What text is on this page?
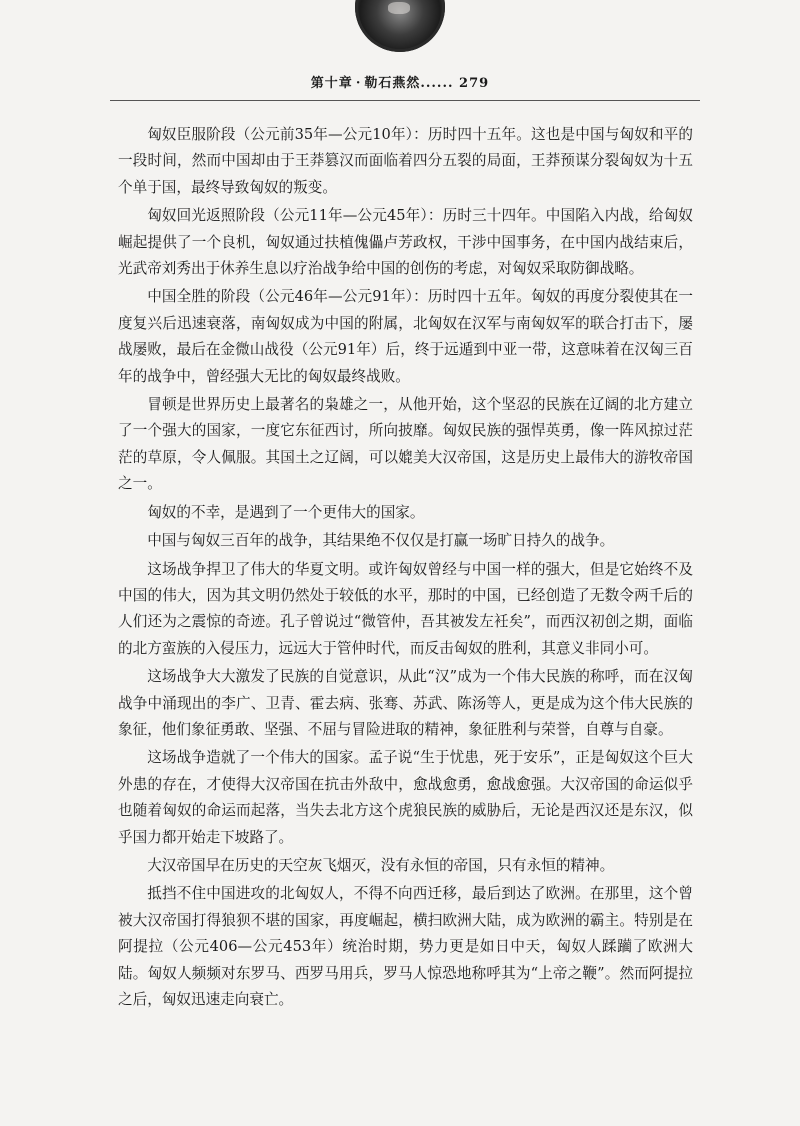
第十章 · 勒石燕然...... 279

匈奴臣服阶段（公元前35年—公元10年）：历时四十五年。这也是中国与匈奴和平的一段时间，然而中国却由于王莽篡汉而面临着四分五裂的局面，王莽预谋分裂匈奴为十五个单于国，最终导致匈奴的叛变。

匈奴回光返照阶段（公元11年—公元45年）：历时三十四年。中国陷入内战，给匈奴崛起提供了一个良机，匈奴通过扶植傀儡卢芳政权，干涉中国事务，在中国内战结束后，光武帝刘秀出于休养生息以疗治战争给中国的创伤的考虑，对匈奴采取防御战略。

中国全胜的阶段（公元46年—公元91年）：历时四十五年。匈奴的再度分裂使其在一度复兴后迅速衰落，南匈奴成为中国的附属，北匈奴在汉军与南匈奴军的联合打击下，屡战屡败，最后在金微山战役（公元91年）后，终于远遁到中亚一带，这意味着在汉匈三百年的战争中，曾经强大无比的匈奴最终战败。

冒顿是世界历史上最著名的枭雄之一，从他开始，这个坚忍的民族在辽阔的北方建立了一个强大的国家，一度它东征西讨，所向披靡。匈奴民族的强悍英勇，像一阵风掠过茫茫的草原，令人佩服。其国土之辽阔，可以媲美大汉帝国，这是历史上最伟大的游牧帝国之一。

匈奴的不幸，是遇到了一个更伟大的国家。

中国与匈奴三百年的战争，其结果绝不仅仅是打赢一场旷日持久的战争。

这场战争捍卫了伟大的华夏文明。或许匈奴曾经与中国一样的强大，但是它始终不及中国的伟大，因为其文明仍然处于较低的水平，那时的中国，已经创造了无数令两千后的人们还为之震惊的奇迹。孔子曾说过“微管仲，吾其被发左衽矣”，而西汉初创之期，面临的北方蛮族的入侵压力，远远大于管仲时代，而反击匈奴的胜利，其意义非同小可。

这场战争大大激发了民族的自觉意识，从此“汉”成为一个伟大民族的称呼，而在汉匈战争中涌现出的李广、卫青、霍去病、张骞、苏武、陈汤等人，更是成为这个伟大民族的象征，他们象征勇敢、坚强、不屈与冒险进取的精神，象征胜利与荣誉，自尊与自豪。

这场战争造就了一个伟大的国家。孟子说“生于忧患，死于安乐”，正是匈奴这个巨大外患的存在，才使得大汉帝国在抗击外敌中，愈战愈勇，愈战愈强。大汉帝国的命运似乎也随着匈奴的命运而起落，当失去北方这个虎狼民族的威胁后，无论是西汉还是东汉，似乎国力都开始走下坡路了。

大汉帝国早在历史的天空灰飞烟灭，没有永恒的帝国，只有永恒的精神。

抵挡不住中国进攻的北匈奴人，不得不向西迁移，最后到达了欧洲。在那里，这个曾被大汉帝国打得狼狈不堪的国家，再度崛起，横扫欧洲大陆，成为欧洲的霸主。特别是在阿提拉（公元406—公元453年）统治时期，势力更是如日中天，匈奴人蹂躏了欧洲大陆。匈奴人频频对东罗马、西罗马用兵，罗马人惊恐地称呼其为“上帝之鞭”。然而阿提拉之后，匈奴迅速走向衰亡。
